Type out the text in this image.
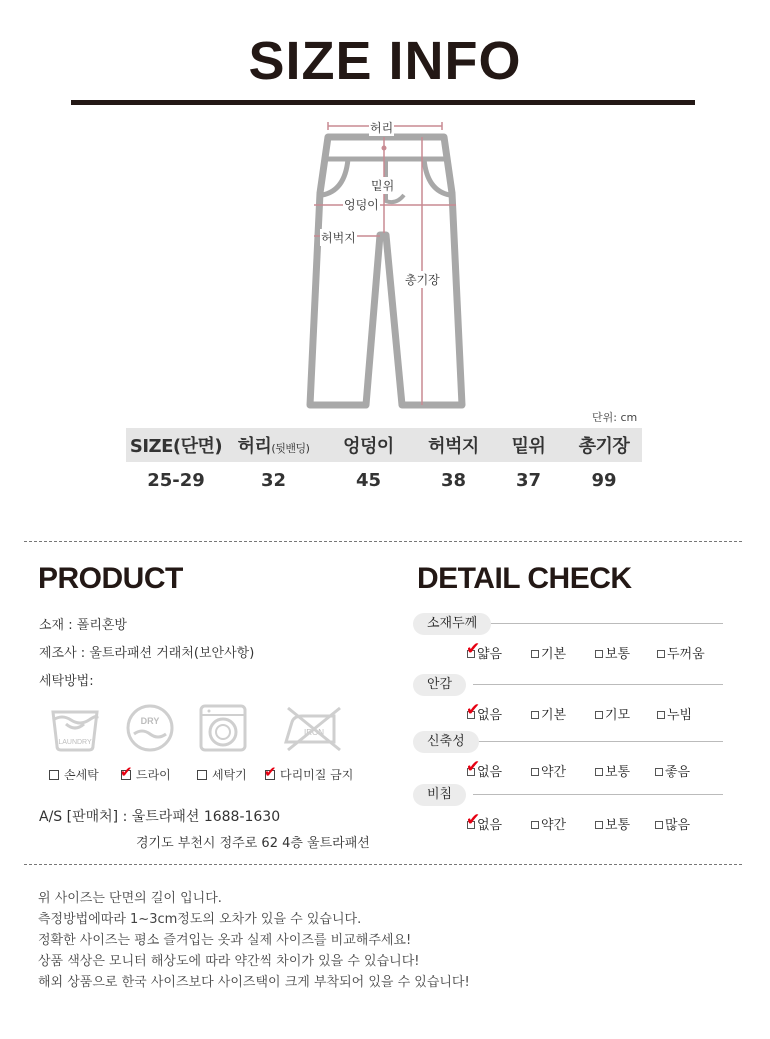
SIZE INFO
허리
밑위
엉덩이
허벅지
총기장
단위: cm
SIZE(단면) 허리(뒷밴딩)	엉덩이	허벅지	밑위	총기장
25-29	32	45	38	37	99
PRODUCT
소재 : 폴리혼방
제조사 : 울트라패션 거래처(보안사항)
세탁방법:
LAUNDRY
DRY
IRON
손세탁 ✔ 드라이	세탁기 ✔ 다리미질 금지
A/S [판매처] : 울트라패션 1688-1630
경기도 부천시 정주로 62 4층 울트라패션
DETAIL CHECK
소재두께
✔
얇음	기본	보통	두꺼움
안감
✔
없음	기본	기모	누빔
신축성
✔
없음	약간	보통	좋음
비침
✔
없음	약간	보통	많음
위 사이즈는 단면의 길이 입니다.
측정방법에따라 1~3cm정도의 오차가 있을 수 있습니다.
정확한 사이즈는 평소 즐겨입는 옷과 실제 사이즈를 비교해주세요!
상품 색상은 모니터 해상도에 따라 약간씩 차이가 있을 수 있습니다!
해외 상품으로 한국 사이즈보다 사이즈택이 크게 부착되어 있을 수 있습니다!
